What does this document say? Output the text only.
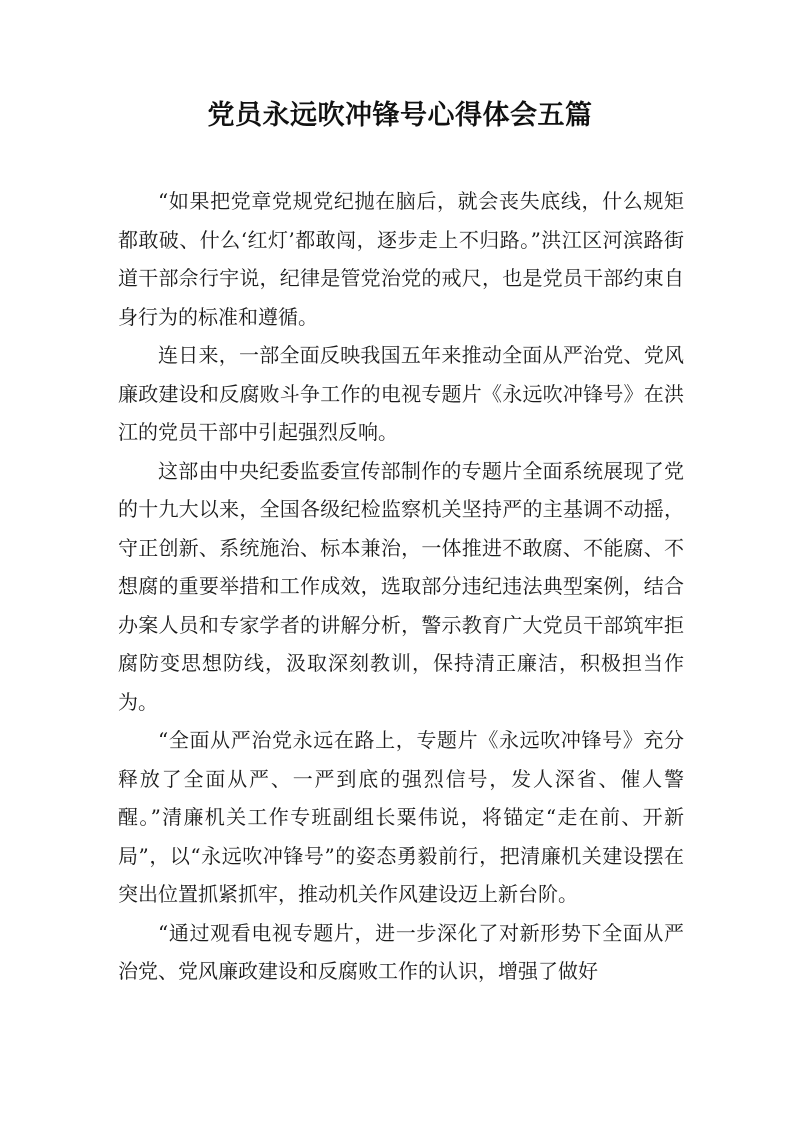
党员永远吹冲锋号心得体会五篇

“如果把党章党规党纪抛在脑后，就会丧失底线，什么规矩都敢破、什么‘红灯’都敢闯，逐步走上不归路。”洪江区河滨路街道干部佘行宇说，纪律是管党治党的戒尺，也是党员干部约束自身行为的标准和遵循。

连日来，一部全面反映我国五年来推动全面从严治党、党风廉政建设和反腐败斗争工作的电视专题片《永远吹冲锋号》在洪江的党员干部中引起强烈反响。

这部由中央纪委监委宣传部制作的专题片全面系统展现了党的十九大以来，全国各级纪检监察机关坚持严的主基调不动摇，守正创新、系统施治、标本兼治，一体推进不敢腐、不能腐、不想腐的重要举措和工作成效，选取部分违纪违法典型案例，结合办案人员和专家学者的讲解分析，警示教育广大党员干部筑牢拒腐防变思想防线，汲取深刻教训，保持清正廉洁，积极担当作为。

“全面从严治党永远在路上，专题片《永远吹冲锋号》充分释放了全面从严、一严到底的强烈信号，发人深省、催人警醒。”清廉机关工作专班副组长粟伟说，将锚定“走在前、开新局”，以“永远吹冲锋号”的姿态勇毅前行，把清廉机关建设摆在突出位置抓紧抓牢，推动机关作风建设迈上新台阶。

“通过观看电视专题片，进一步深化了对新形势下全面从严治党、党风廉政建设和反腐败工作的认识，增强了做好
